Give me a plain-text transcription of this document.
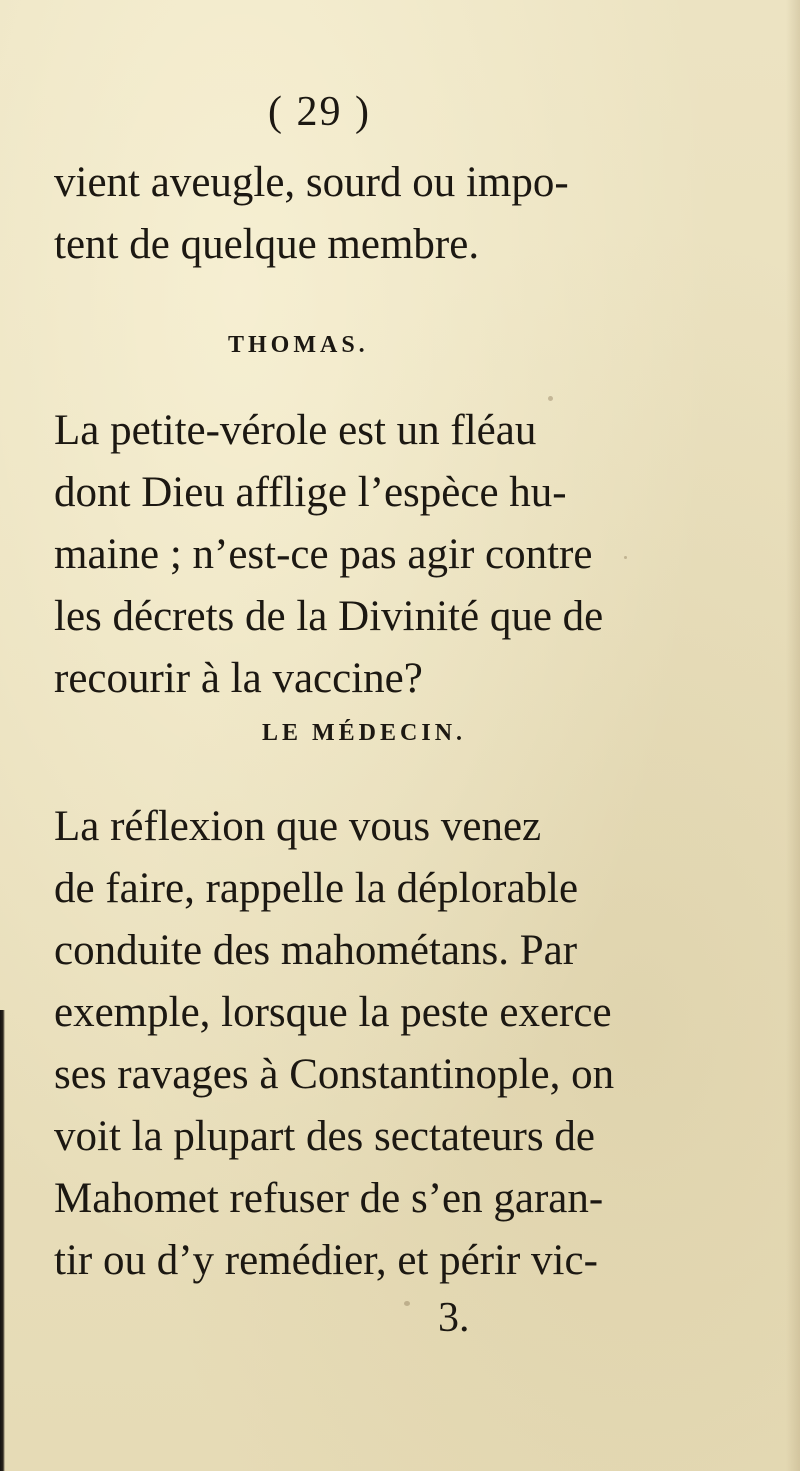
( 29 )
vient aveugle, sourd ou impo-
tent de quelque membre.
THOMAS.
La petite-vérole est un fléau
dont Dieu afflige l’espèce hu-
maine ; n’est-ce pas agir contre
les décrets de la Divinité que de
recourir à la vaccine?
LE MÉDECIN.
La réflexion que vous venez
de faire, rappelle la déplorable
conduite des mahométans. Par
exemple, lorsque la peste exerce
ses ravages à Constantinople, on
voit la plupart des sectateurs de
Mahomet refuser de s’en garan-
tir ou d’y remédier, et périr vic-
3.
